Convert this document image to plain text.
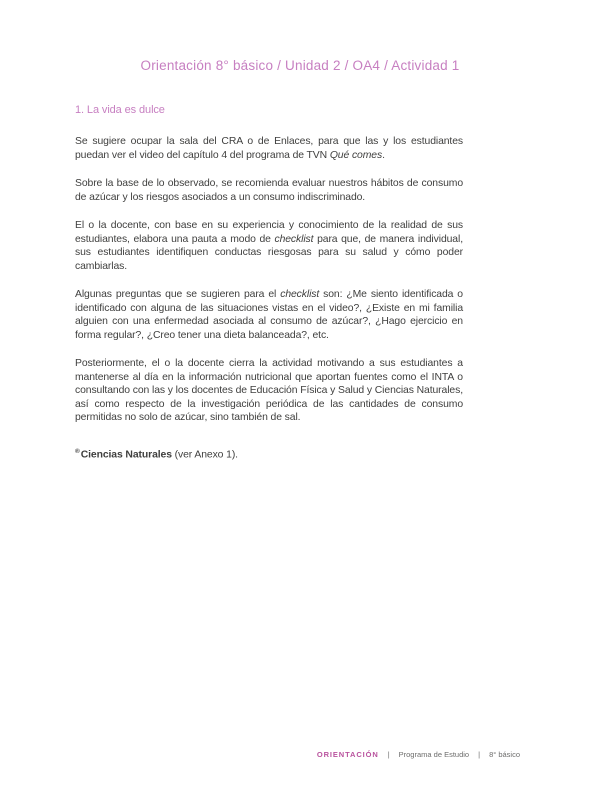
Orientación 8° básico / Unidad 2 / OA4 / Actividad 1
1. La vida es dulce

Se sugiere ocupar la sala del CRA o de Enlaces, para que las y los estudiantes puedan ver el video del capítulo 4 del programa de TVN Qué comes.

Sobre la base de lo observado, se recomienda evaluar nuestros hábitos de consumo de azúcar y los riesgos asociados a un consumo indiscriminado.

El o la docente, con base en su experiencia y conocimiento de la realidad de sus estudiantes, elabora una pauta a modo de checklist para que, de manera individual, sus estudiantes identifiquen conductas riesgosas para su salud y cómo poder cambiarlas.

Algunas preguntas que se sugieren para el checklist son: ¿Me siento identificada o identificado con alguna de las situaciones vistas en el video?, ¿Existe en mi familia alguien con una enfermedad asociada al consumo de azúcar?, ¿Hago ejercicio en forma regular?, ¿Creo tener una dieta balanceada?, etc.

Posteriormente, el o la docente cierra la actividad motivando a sus estudiantes a mantenerse al día en la información nutricional que aportan fuentes como el INTA o consultando con las y los docentes de Educación Física y Salud y Ciencias Naturales, así como respecto de la investigación periódica de las cantidades de consumo permitidas no solo de azúcar, sino también de sal.

®Ciencias Naturales (ver Anexo 1).

ORIENTACIÓN | Programa de Estudio | 8° básico
